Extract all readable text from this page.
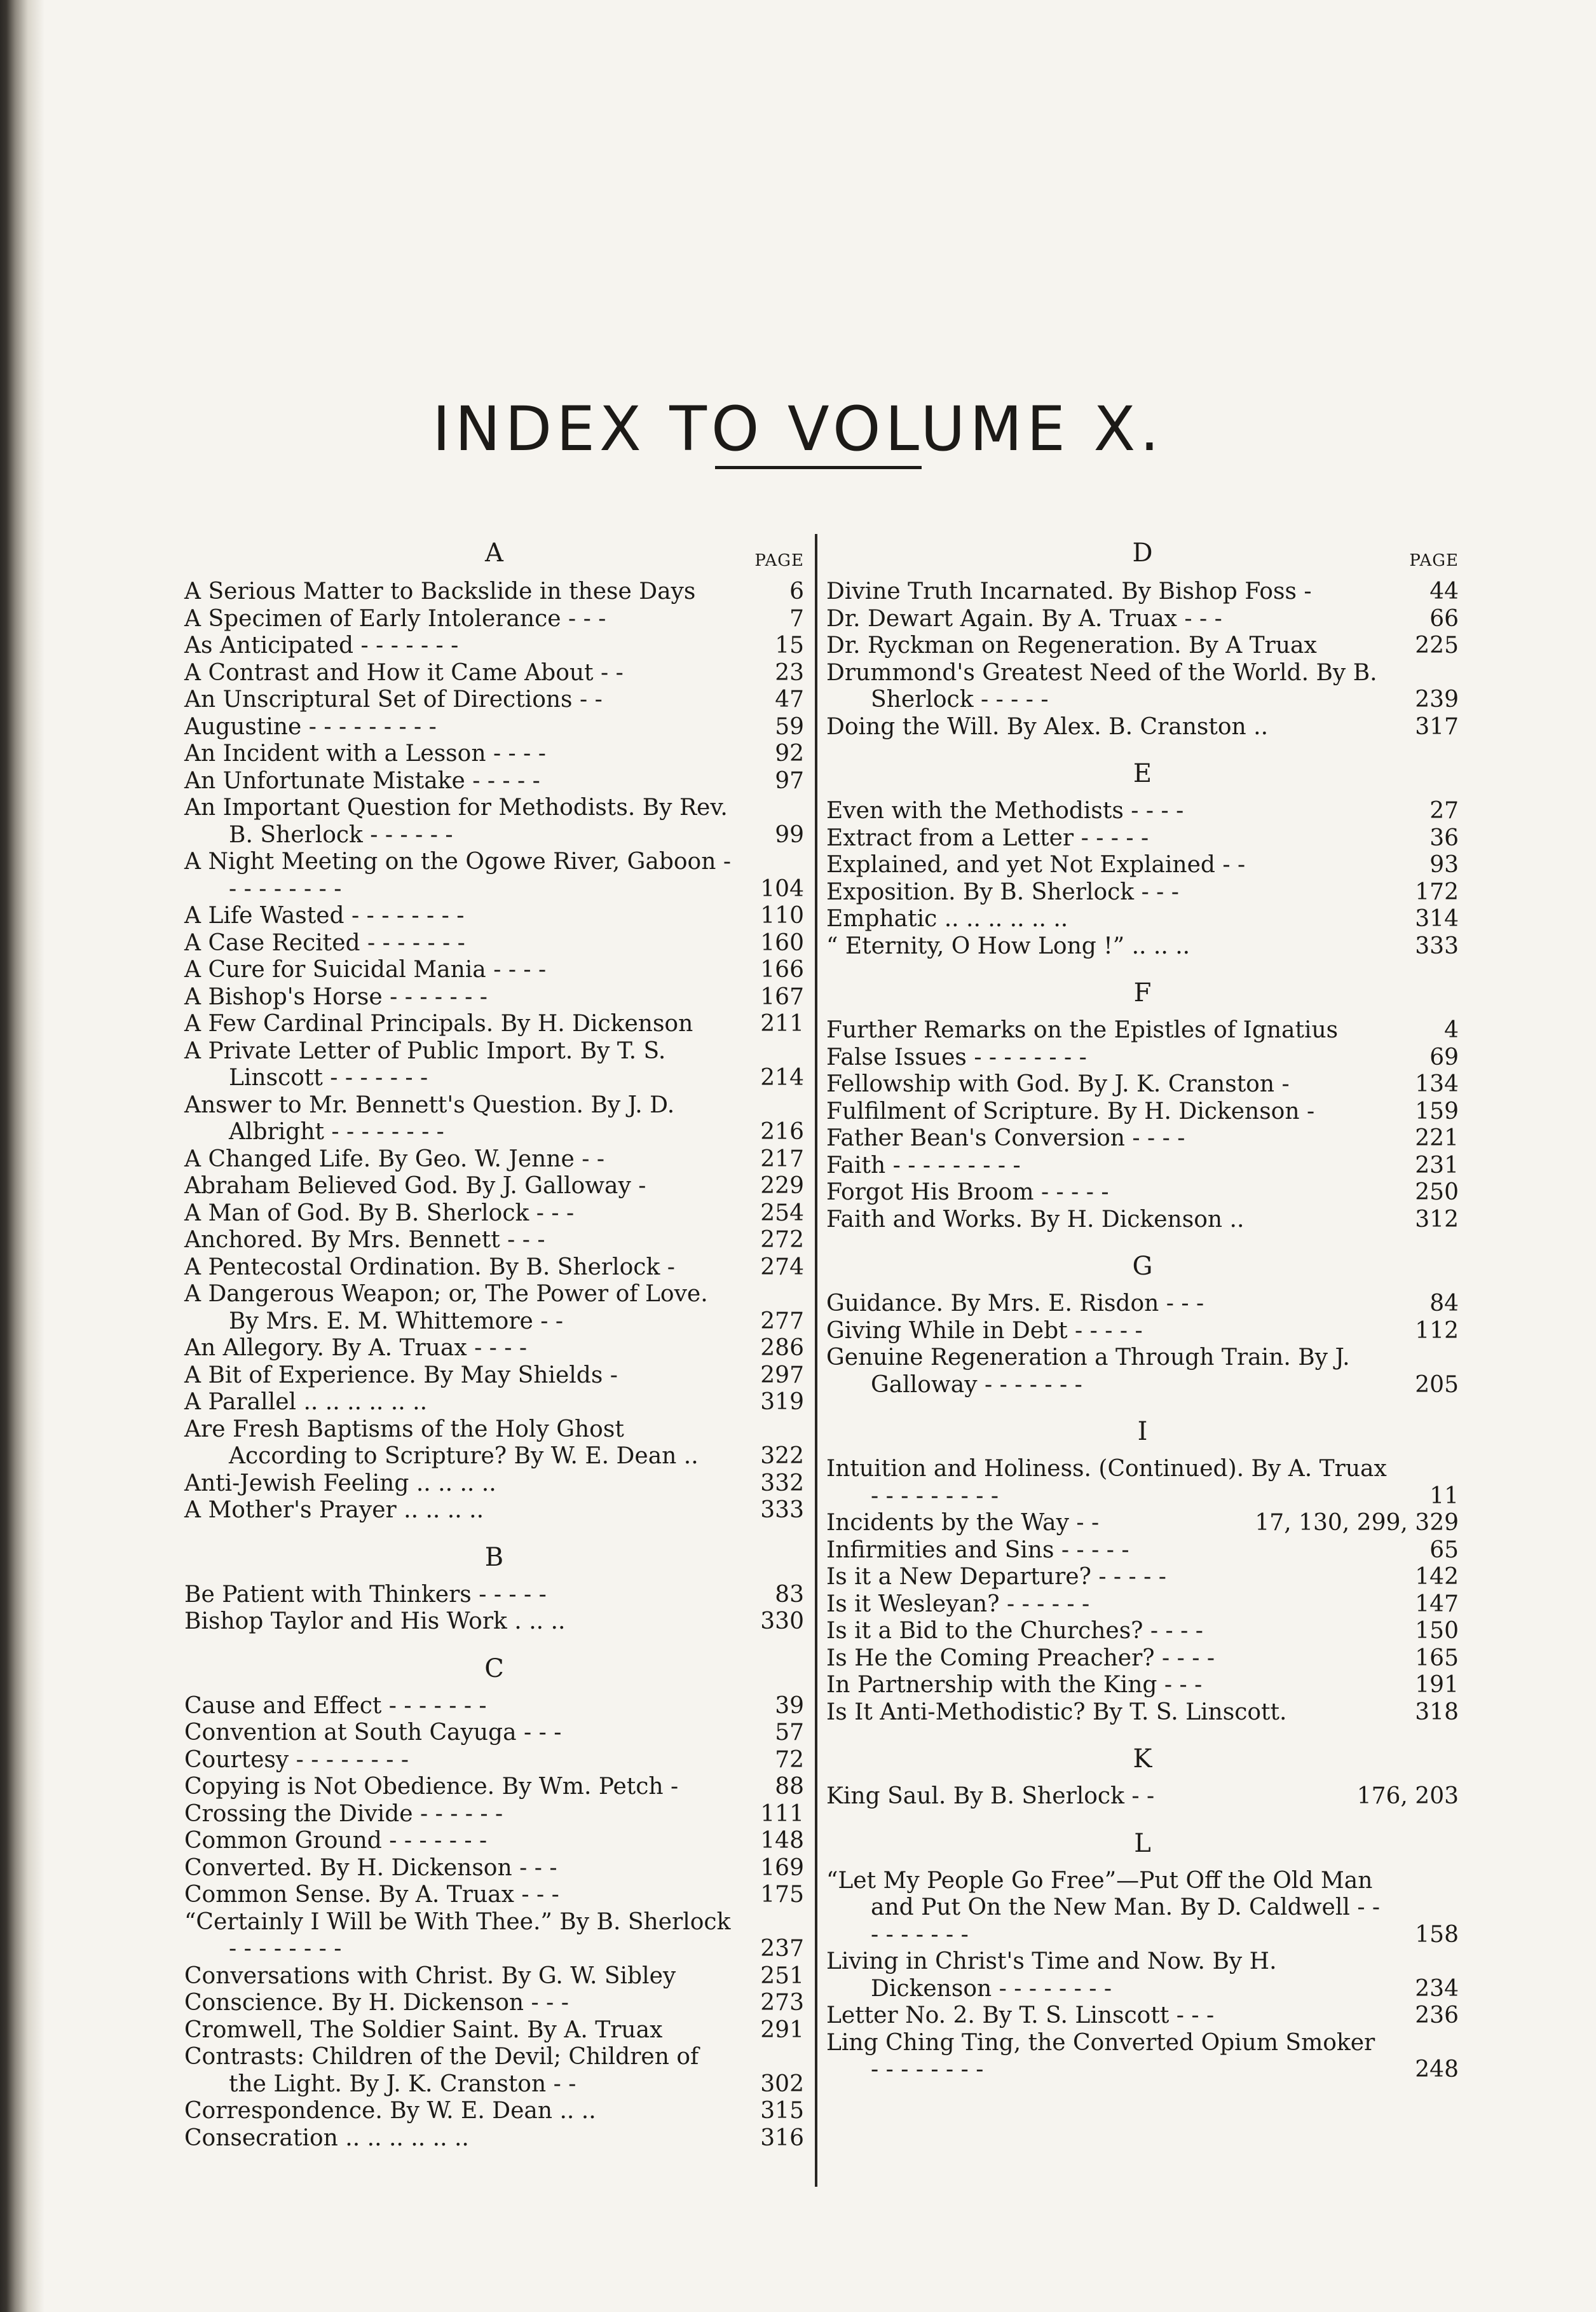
INDEX TO VOLUME X.
A	PAGE
A Serious Matter to Backslide in these Days	6
A Specimen of Early Intolerance - - -	7
As Anticipated - - - - - - -	15
A Contrast and How it Came About - -	23
An Unscriptural Set of Directions - -	47
Augustine - - - - - - - - -	59
An Incident with a Lesson - - - -	92
An Unfortunate Mistake - - - - -	97
An Important Question for Methodists. By Rev. B. Sherlock - - - - - -	99
A Night Meeting on the Ogowe River, Gaboon - - - - - - - - -	104
A Life Wasted - - - - - - - -	110
A Case Recited - - - - - - -	160
A Cure for Suicidal Mania - - - -	166
A Bishop's Horse - - - - - - -	167
A Few Cardinal Principals. By H. Dickenson	211
A Private Letter of Public Import. By T. S. Linscott - - - - - - -	214
Answer to Mr. Bennett's Question. By J. D. Albright - - - - - - - -	216
A Changed Life. By Geo. W. Jenne - -	217
Abraham Believed God. By J. Galloway -	229
A Man of God. By B. Sherlock - - -	254
Anchored. By Mrs. Bennett - - -	272
A Pentecostal Ordination. By B. Sherlock -	274
A Dangerous Weapon; or, The Power of Love. By Mrs. E. M. Whittemore - -	277
An Allegory. By A. Truax - - - -	286
A Bit of Experience. By May Shields -	297
A Parallel .. .. .. .. .. ..	319
Are Fresh Baptisms of the Holy Ghost According to Scripture? By W. E. Dean ..	322
Anti-Jewish Feeling .. .. .. ..	332
A Mother's Prayer .. .. .. ..	333
B
Be Patient with Thinkers - - - - -	83
Bishop Taylor and His Work . .. ..	330
C
Cause and Effect - - - - - - -	39
Convention at South Cayuga - - -	57
Courtesy - - - - - - - -	72
Copying is Not Obedience. By Wm. Petch -	88
Crossing the Divide - - - - - -	111
Common Ground - - - - - - -	148
Converted. By H. Dickenson - - -	169
Common Sense. By A. Truax - - -	175
“Certainly I Will be With Thee.” By B. Sherlock - - - - - - - -	237
Conversations with Christ. By G. W. Sibley	251
Conscience. By H. Dickenson - - -	273
Cromwell, The Soldier Saint. By A. Truax	291
Contrasts: Children of the Devil; Children of the Light. By J. K. Cranston - -	302
Correspondence. By W. E. Dean .. ..	315
Consecration .. .. .. .. .. ..	316
D	PAGE
Divine Truth Incarnated. By Bishop Foss -	44
Dr. Dewart Again. By A. Truax - - -	66
Dr. Ryckman on Regeneration. By A Truax	225
Drummond's Greatest Need of the World. By B. Sherlock - - - - -	239
Doing the Will. By Alex. B. Cranston ..	317
E
Even with the Methodists - - - -	27
Extract from a Letter - - - - -	36
Explained, and yet Not Explained - -	93
Exposition. By B. Sherlock - - -	172
Emphatic .. .. .. .. .. ..	314
“ Eternity, O How Long !” .. .. ..	333
F
Further Remarks on the Epistles of Ignatius	4
False Issues - - - - - - - -	69
Fellowship with God. By J. K. Cranston -	134
Fulfilment of Scripture. By H. Dickenson -	159
Father Bean's Conversion - - - -	221
Faith - - - - - - - - -	231
Forgot His Broom - - - - -	250
Faith and Works. By H. Dickenson ..	312
G
Guidance. By Mrs. E. Risdon - - -	84
Giving While in Debt - - - - -	112
Genuine Regeneration a Through Train. By J. Galloway - - - - - - -	205
I
Intuition and Holiness. (Continued). By A. Truax - - - - - - - - -	11
Incidents by the Way - -	17, 130, 299, 329
Infirmities and Sins - - - - -	65
Is it a New Departure? - - - - -	142
Is it Wesleyan? - - - - - -	147
Is it a Bid to the Churches? - - - -	150
Is He the Coming Preacher? - - - -	165
In Partnership with the King - - -	191
Is It Anti-Methodistic? By T. S. Linscott.	318
K
King Saul. By B. Sherlock - -	176, 203
L
“Let My People Go Free”—Put Off the Old Man and Put On the New Man. By D. Caldwell - - - - - - - - -	158
Living in Christ's Time and Now. By H. Dickenson - - - - - - - -	234
Letter No. 2. By T. S. Linscott - - -	236
Ling Ching Ting, the Converted Opium Smoker - - - - - - - -	248
